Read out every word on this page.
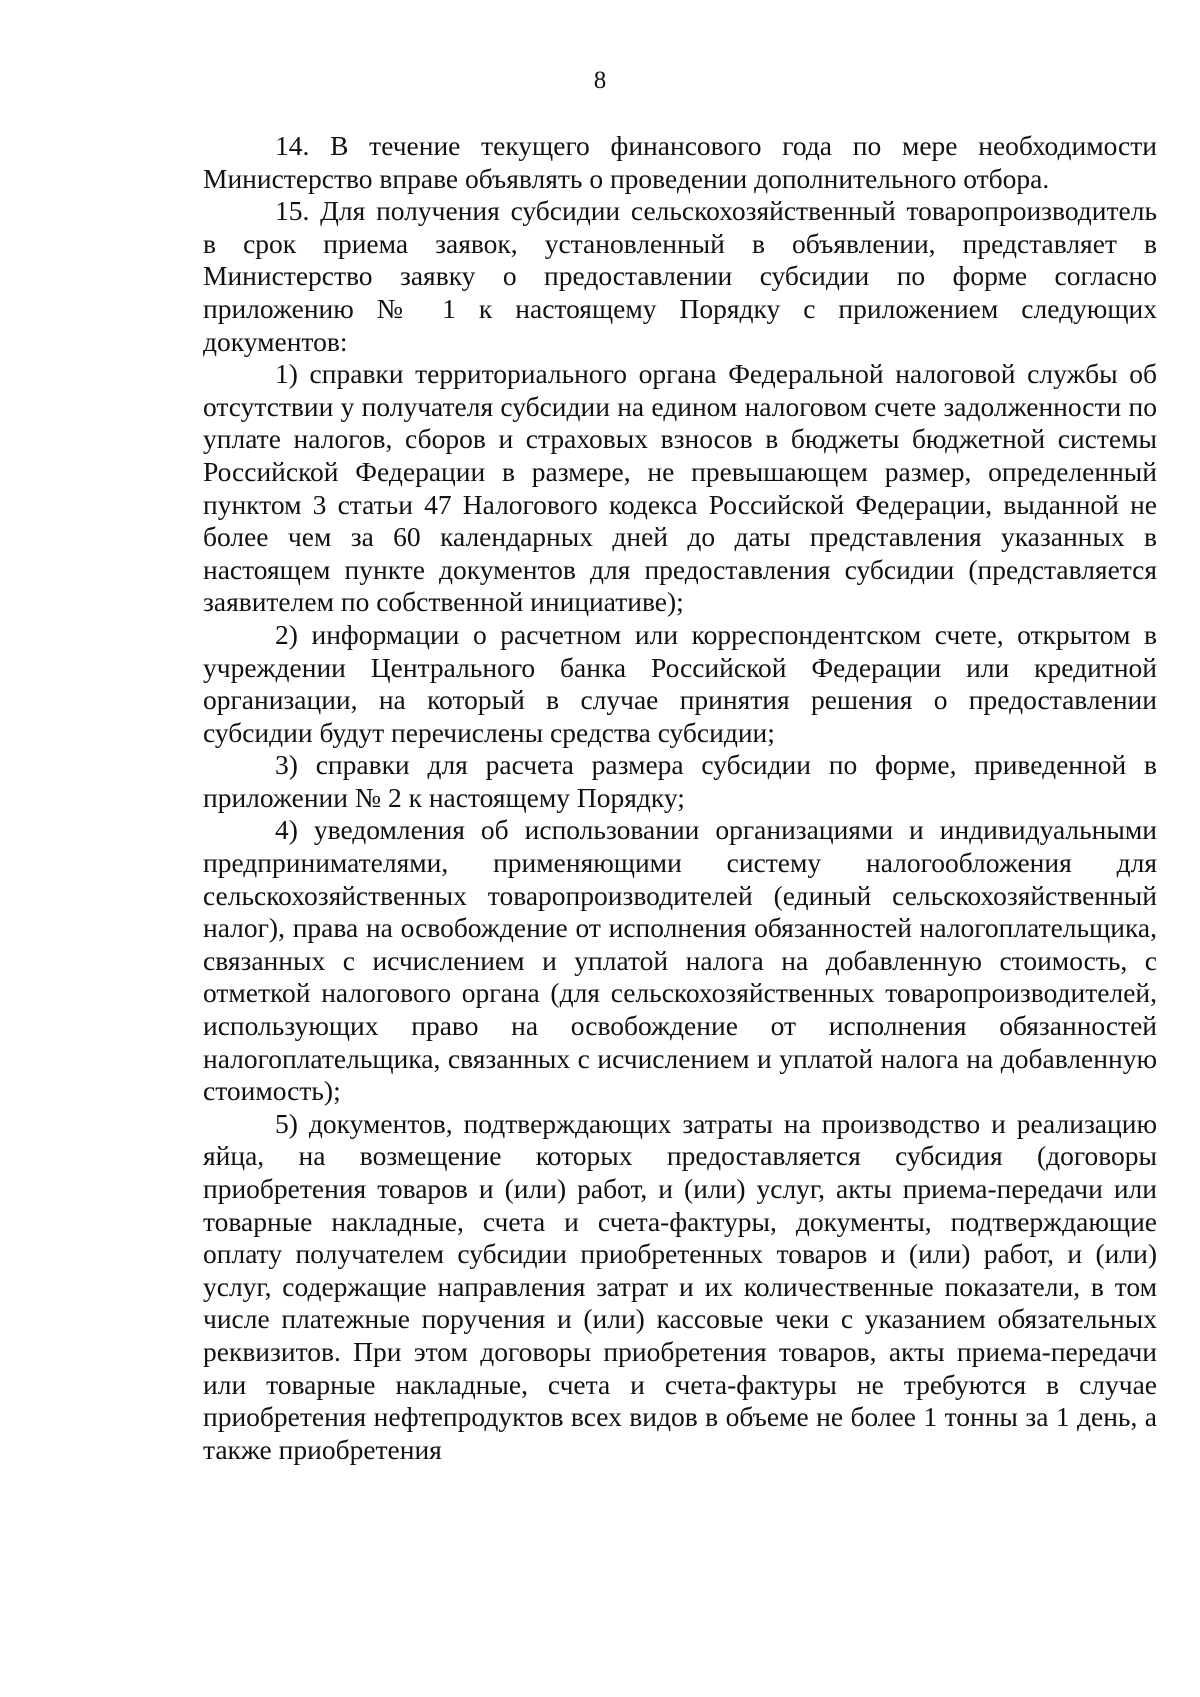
8

14. В течение текущего финансового года по мере необходимости Министерство вправе объявлять о проведении дополнительного отбора.

15. Для получения субсидии сельскохозяйственный товаропроизводитель в срок приема заявок, установленный в объявлении, представляет в Министерство заявку о предоставлении субсидии по форме согласно приложению № 1 к настоящему Порядку с приложением следующих документов:

1) справки территориального органа Федеральной налоговой службы об отсутствии у получателя субсидии на едином налоговом счете задолженности по уплате налогов, сборов и страховых взносов в бюджеты бюджетной системы Российской Федерации в размере, не превышающем размер, определенный пунктом 3 статьи 47 Налогового кодекса Российской Федерации, выданной не более чем за 60 календарных дней до даты представления указанных в настоящем пункте документов для предоставления субсидии (представляется заявителем по собственной инициативе);

2) информации о расчетном или корреспондентском счете, открытом в учреждении Центрального банка Российской Федерации или кредитной организации, на который в случае принятия решения о предоставлении субсидии будут перечислены средства субсидии;

3) справки для расчета размера субсидии по форме, приведенной в приложении № 2 к настоящему Порядку;

4) уведомления об использовании организациями и индивидуальными предпринимателями, применяющими систему налогообложения для сельскохозяйственных товаропроизводителей (единый сельскохозяйственный налог), права на освобождение от исполнения обязанностей налогоплательщика, связанных с исчислением и уплатой налога на добавленную стоимость, с отметкой налогового органа (для сельскохозяйственных товаропроизводителей, использующих право на освобождение от исполнения обязанностей налогоплательщика, связанных с исчислением и уплатой налога на добавленную стоимость);

5) документов, подтверждающих затраты на производство и реализацию яйца, на возмещение которых предоставляется субсидия (договоры приобретения товаров и (или) работ, и (или) услуг, акты приема-передачи или товарные накладные, счета и счета-фактуры, документы, подтверждающие оплату получателем субсидии приобретенных товаров и (или) работ, и (или) услуг, содержащие направления затрат и их количественные показатели, в том числе платежные поручения и (или) кассовые чеки с указанием обязательных реквизитов. При этом договоры приобретения товаров, акты приема-передачи или товарные накладные, счета и счета-фактуры не требуются в случае приобретения нефтепродуктов всех видов в объеме не более 1 тонны за 1 день, а также приобретения
